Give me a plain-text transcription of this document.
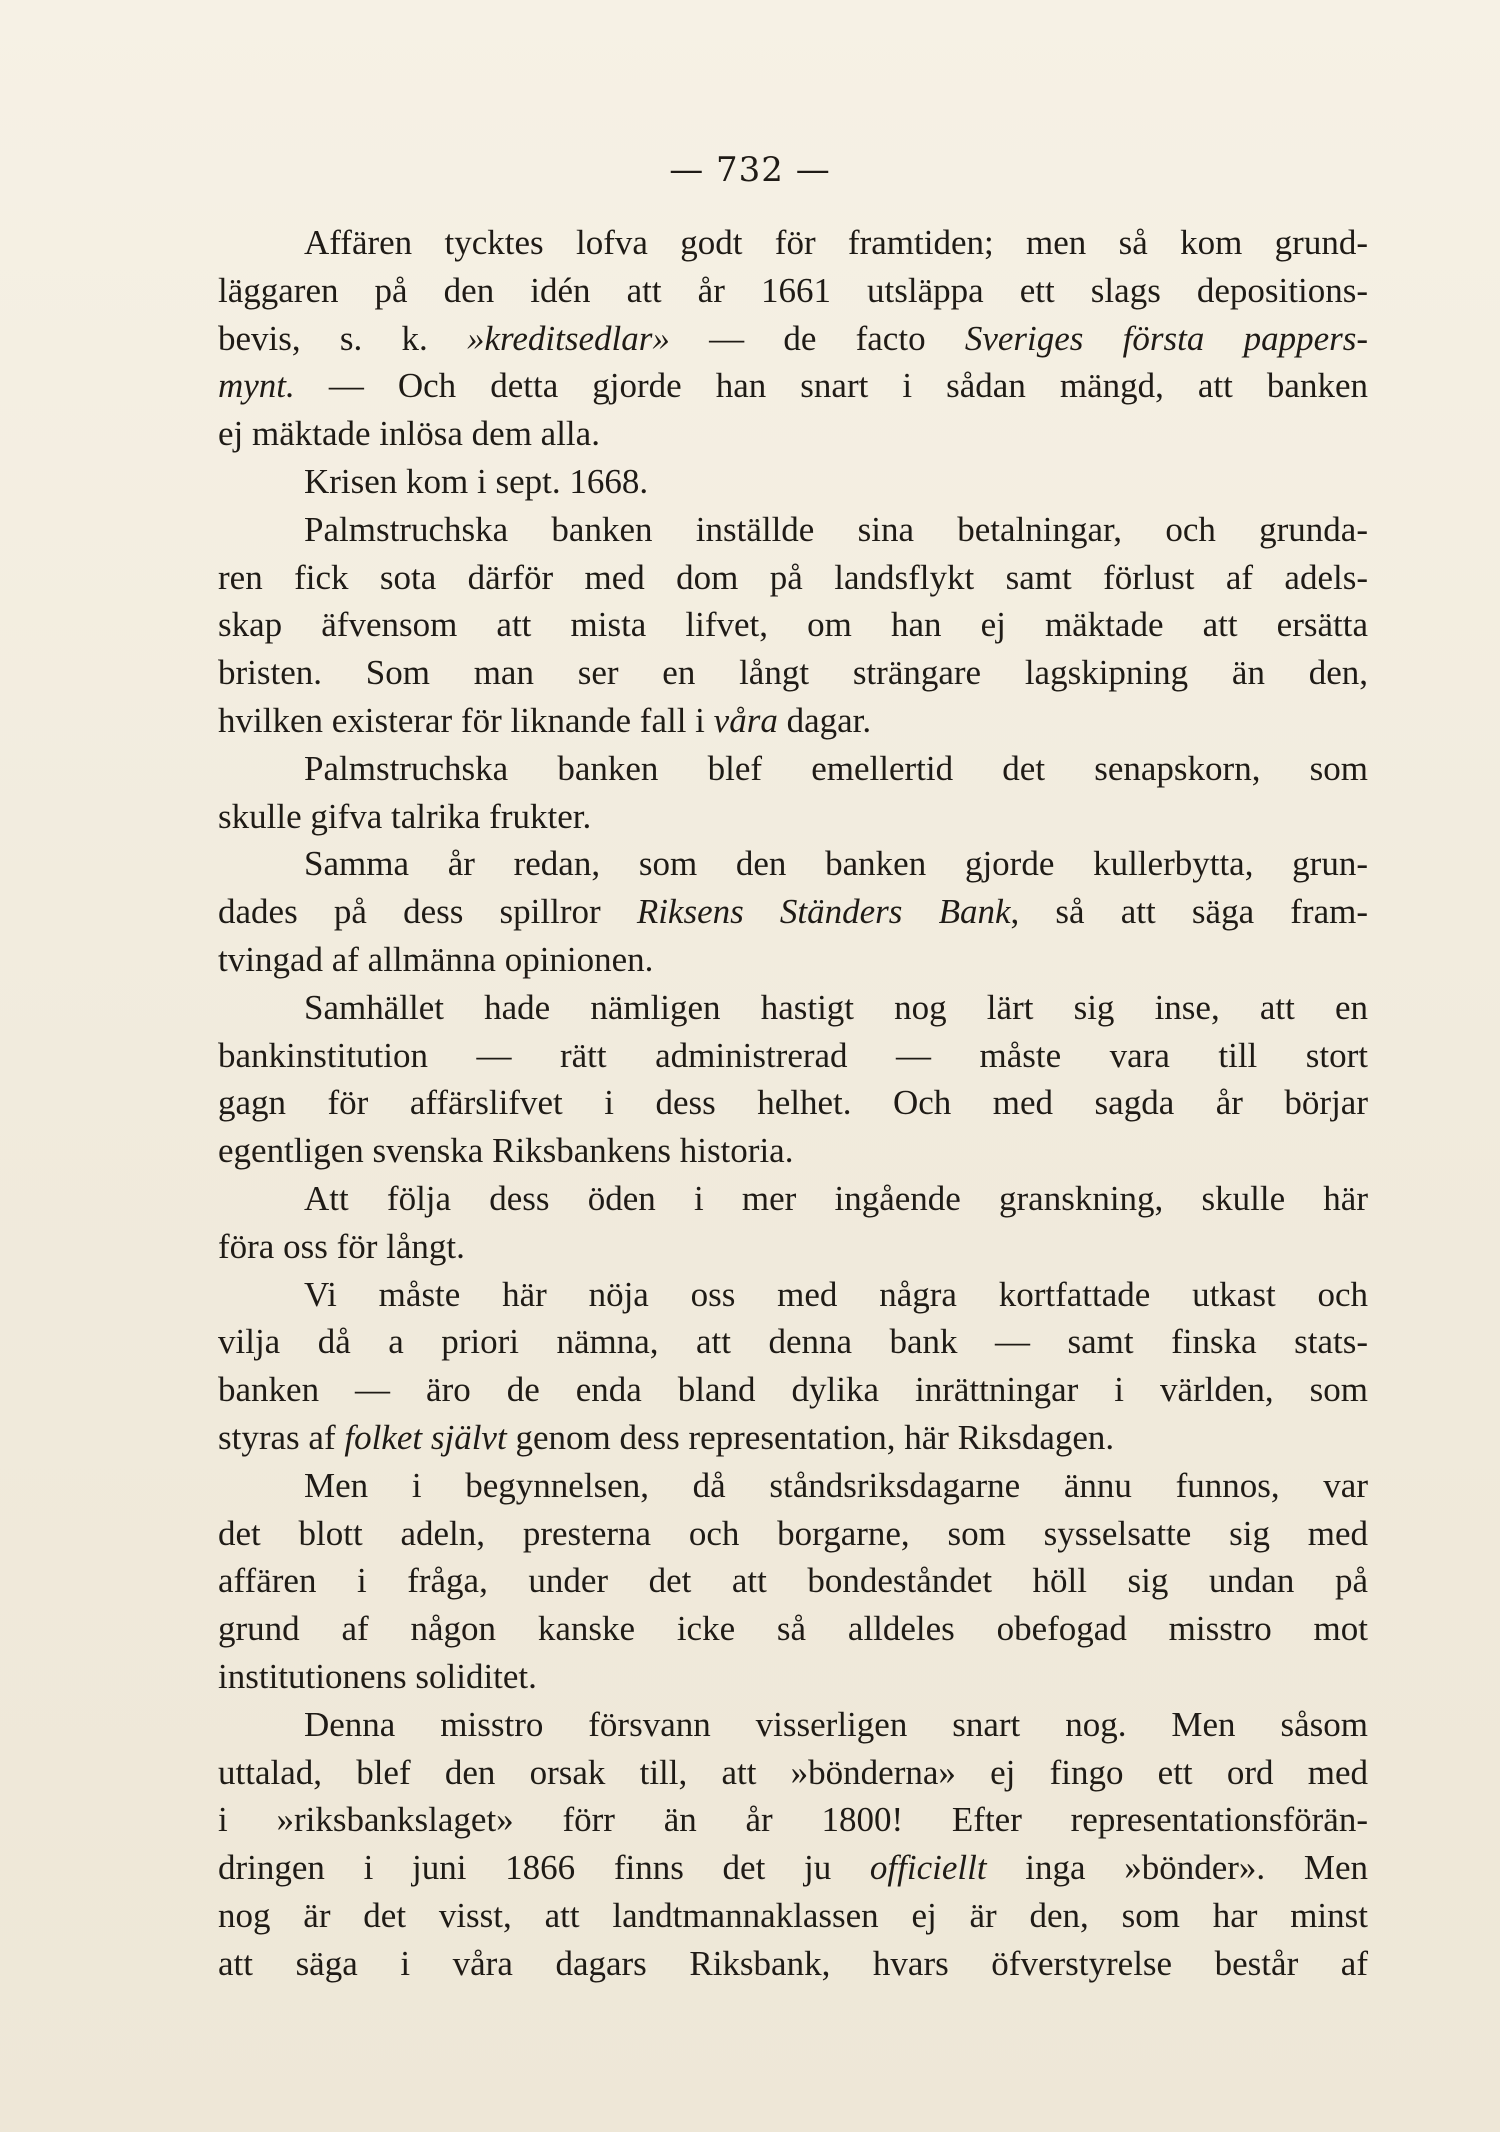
— 732 —
Affären tycktes lofva godt för framtiden; men så kom grund-
läggaren på den idén att år 1661 utsläppa ett slags depositions-
bevis, s. k. »kreditsedlar» — de facto Sveriges första pappers-
mynt. — Och detta gjorde han snart i sådan mängd, att banken
ej mäktade inlösa dem alla.
Krisen kom i sept. 1668.
Palmstruchska banken inställde sina betalningar, och grunda-
ren fick sota därför med dom på landsflykt samt förlust af adels-
skap äfvensom att mista lifvet, om han ej mäktade att ersätta
bristen. Som man ser en långt strängare lagskipning än den,
hvilken existerar för liknande fall i våra dagar.
Palmstruchska banken blef emellertid det senapskorn, som
skulle gifva talrika frukter.
Samma år redan, som den banken gjorde kullerbytta, grun-
dades på dess spillror Riksens Ständers Bank, så att säga fram-
tvingad af allmänna opinionen.
Samhället hade nämligen hastigt nog lärt sig inse, att en
bankinstitution — rätt administrerad — måste vara till stort
gagn för affärslifvet i dess helhet. Och med sagda år börjar
egentligen svenska Riksbankens historia.
Att följa dess öden i mer ingående granskning, skulle här
föra oss för långt.
Vi måste här nöja oss med några kortfattade utkast och
vilja då a priori nämna, att denna bank — samt finska stats-
banken — äro de enda bland dylika inrättningar i världen, som
styras af folket självt genom dess representation, här Riksdagen.
Men i begynnelsen, då ståndsriksdagarne ännu funnos, var
det blott adeln, presterna och borgarne, som sysselsatte sig med
affären i fråga, under det att bondeståndet höll sig undan på
grund af någon kanske icke så alldeles obefogad misstro mot
institutionens soliditet.
Denna misstro försvann visserligen snart nog. Men såsom
uttalad, blef den orsak till, att »bönderna» ej fingo ett ord med
i »riksbankslaget» förr än år 1800! Efter representationsförän-
dringen i juni 1866 finns det ju officiellt inga »bönder». Men
nog är det visst, att landtmannaklassen ej är den, som har minst
att säga i våra dagars Riksbank, hvars öfverstyrelse består af
